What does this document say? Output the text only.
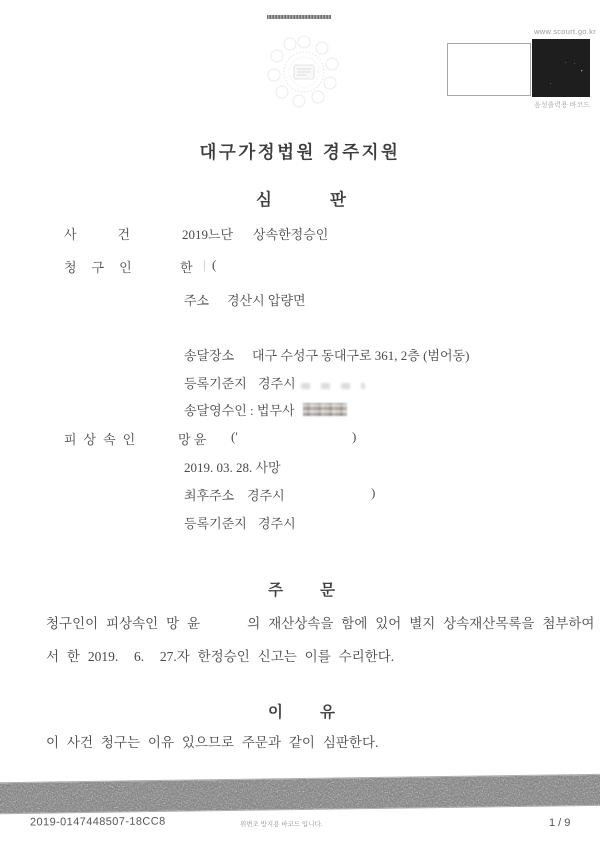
www.scourt.go.kr
음성출력용 바코드
대구가정법원 경주지원
심판
사건 2019느단 상속한정승인
청구인	한 | (
주소 경산시 압량면
송달장소 대구 수성구 동대구로 361, 2층 (범어동)
등록기준지 경주시
송달영수인 : 법무사
피상속인	망 윤 ('	)
2019. 03. 28. 사망
최후주소 경주시	)
등록기준지 경주시
주문
청구인이 피상속인 망 윤      의 재산상속을 함에 있어 별지 상속재산목록을 첨부하여
서 한 2019.  6.  27.자 한정승인 신고는 이를 수리한다.
이유
이 사건 청구는 이유 있으므로 주문과 같이 심판한다.
2019-0147448507-18CC8	위변조 방지용 바코드 입니다.	1 / 9
